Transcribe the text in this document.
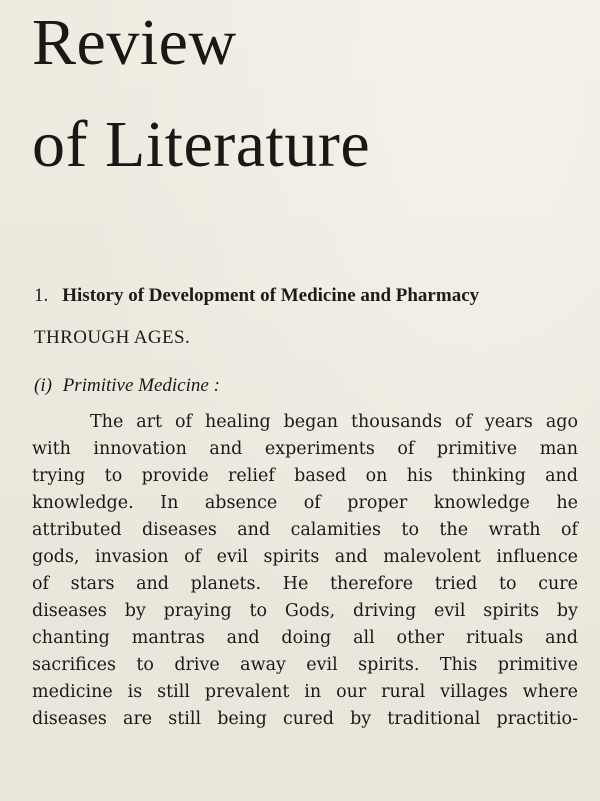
Review
of Literature
1. History of Development of Medicine and Pharmacy
THROUGH AGES.
(i) Primitive Medicine :
The art of healing began thousands of years ago
with innovation and experiments of primitive man
trying to provide relief based on his thinking and
knowledge. In absence of proper knowledge he
attributed diseases and calamities to the wrath of
gods, invasion of evil spirits and malevolent influence
of stars and planets. He therefore tried to cure
diseases by praying to Gods, driving evil spirits by
chanting mantras and doing all other rituals and
sacrifices to drive away evil spirits. This primitive
medicine is still prevalent in our rural villages where
diseases are still being cured by traditional practitio-
